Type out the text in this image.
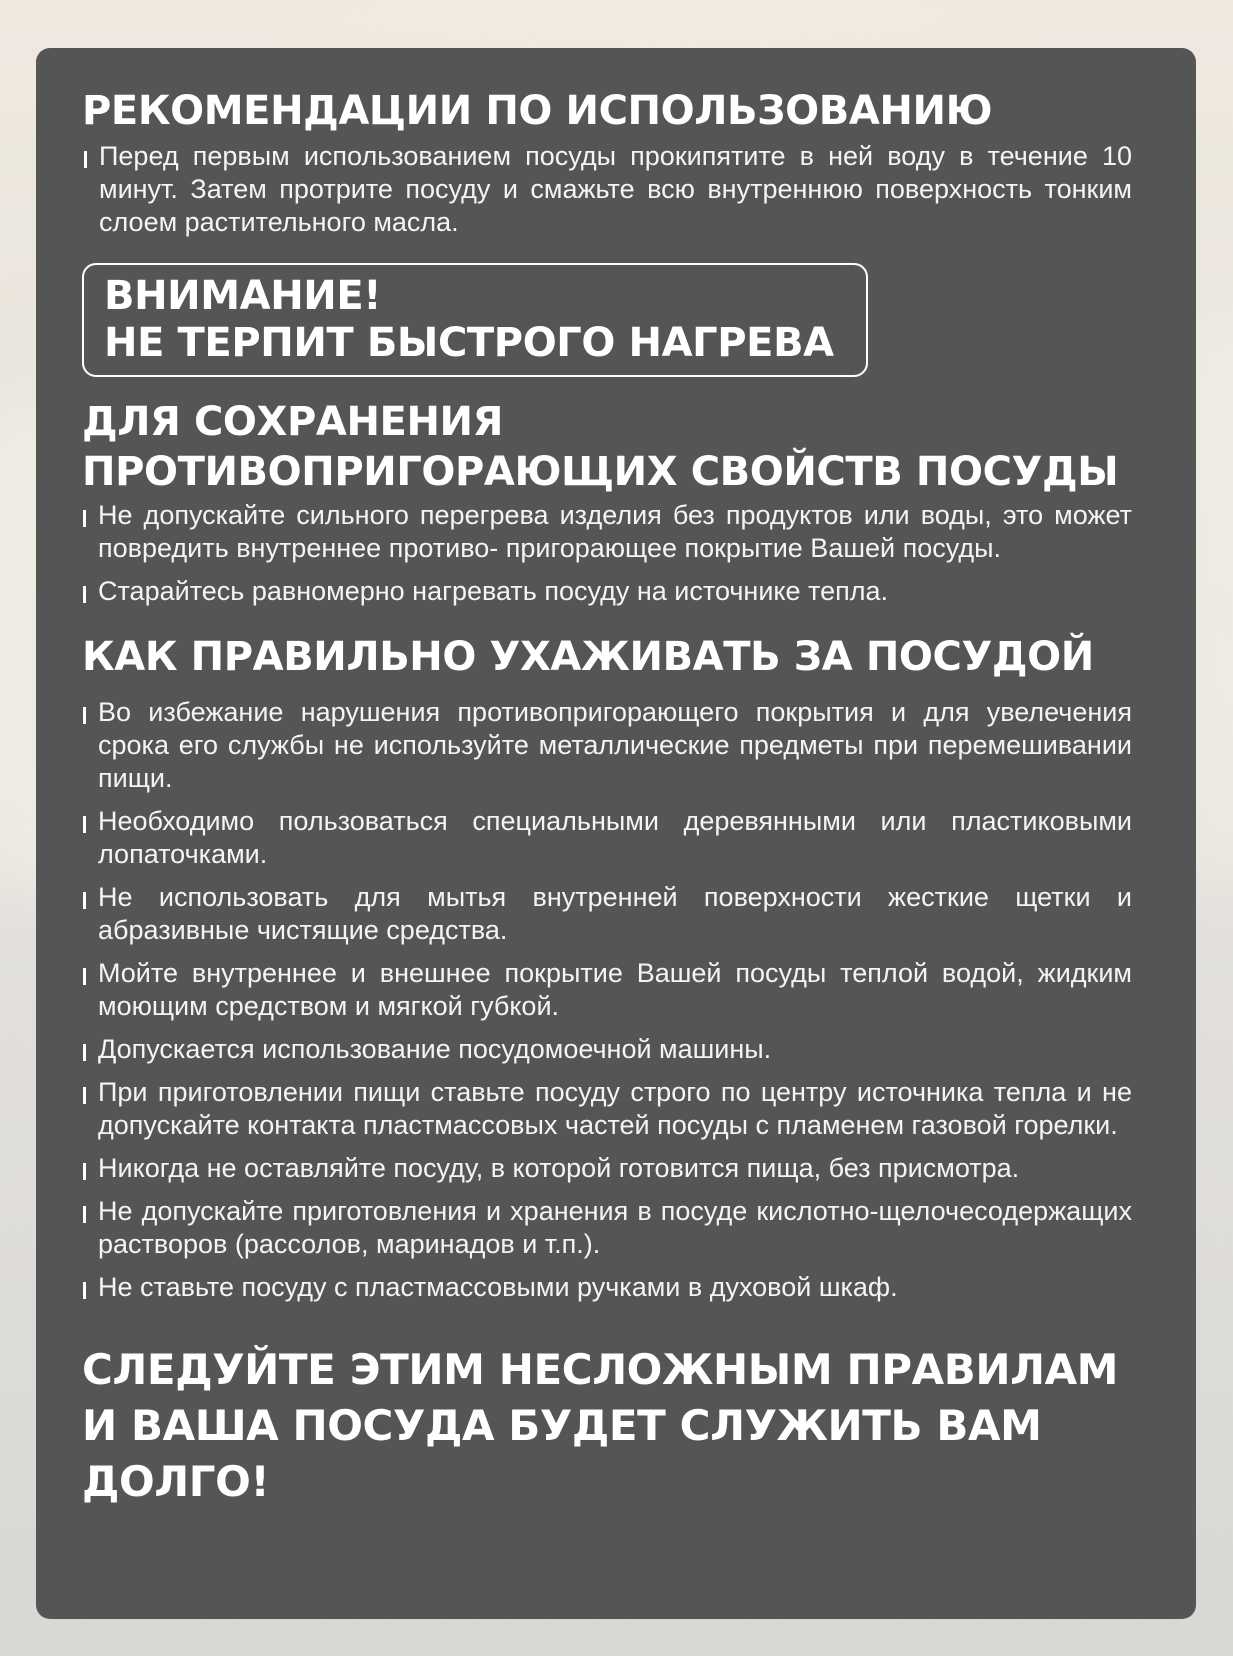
РЕКОМЕНДАЦИИ ПО ИСПОЛЬЗОВАНИЮ
Перед первым использованием посуды прокипятите в ней воду в течение 10 минут. Затем протрите посуду и смажьте всю внутреннюю поверхность тонким слоем растительного масла.
ВНИМАНИЕ!
НЕ ТЕРПИТ БЫСТРОГО НАГРЕВА
ДЛЯ СОХРАНЕНИЯ
ПРОТИВОПРИГОРАЮЩИХ СВОЙСТВ ПОСУДЫ
Не допускайте сильного перегрева изделия без продуктов или воды, это может повредить внутреннее противо- пригорающее покрытие Вашей посуды.
Старайтесь равномерно нагревать посуду на источнике тепла.
КАК ПРАВИЛЬНО УХАЖИВАТЬ ЗА ПОСУДОЙ
Во избежание нарушения противопригорающего покрытия и для увелечения срока его службы не используйте металлические предметы при перемешивании пищи.
Необходимо пользоваться специальными деревянными или пластиковыми лопаточками.
Не использовать для мытья внутренней поверхности жесткие щетки и абразивные чистящие средства.
Мойте внутреннее и внешнее покрытие Вашей посуды теплой водой, жидким моющим средством и мягкой губкой.
Допускается использование посудомоечной машины.
При приготовлении пищи ставьте посуду строго по центру источника тепла и не допускайте контакта пластмассовых частей посуды с пламенем газовой горелки.
Никогда не оставляйте посуду, в которой готовится пища, без присмотра.
Не допускайте приготовления и хранения в посуде кислотно-щелочесодержащих растворов (рассолов, маринадов и т.п.).
Не ставьте посуду с пластмассовыми ручками в духовой шкаф.
СЛЕДУЙТЕ ЭТИМ НЕСЛОЖНЫМ ПРАВИЛАМ
И ВАША ПОСУДА БУДЕТ СЛУЖИТЬ ВАМ ДОЛГО!
